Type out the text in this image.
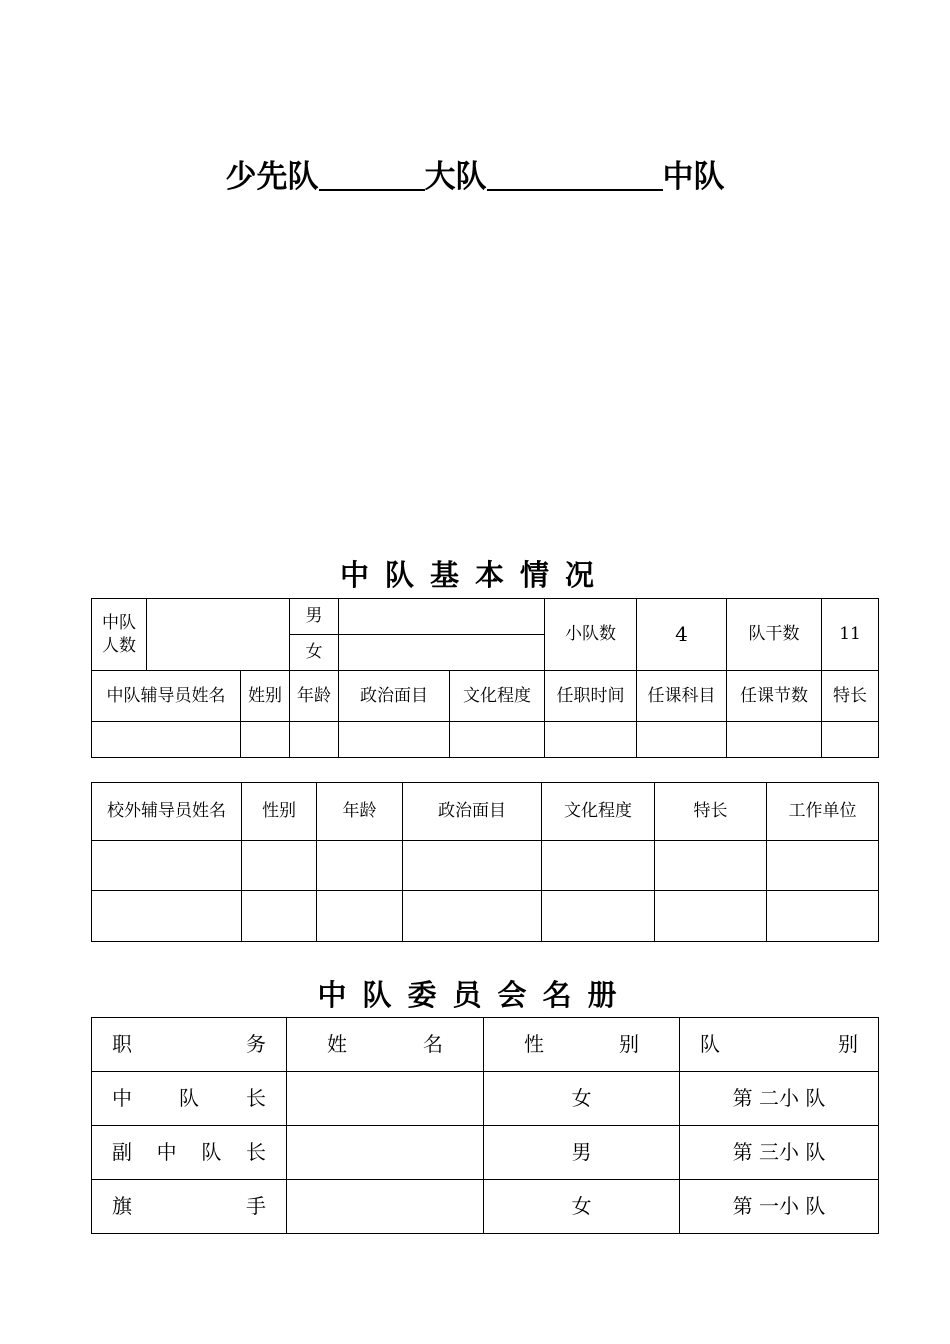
少先队	大队	中队
中队基本情况
中队人数			男			小队数	4	队干数	11
			女						
中队辅导员姓名		姓别	年龄	政治面目	文化程度	任职时间	任课科目	任课节数	特长

校外辅导员姓名	性别	年龄	政治面目	文化程度	特长	工作单位

中队委员会名册
职 务	姓 名	性 别	队 别

中 队 长		女	第 二小 队

副 中 队 长		男	第 三小 队

旗 手		女	第 一小 队
